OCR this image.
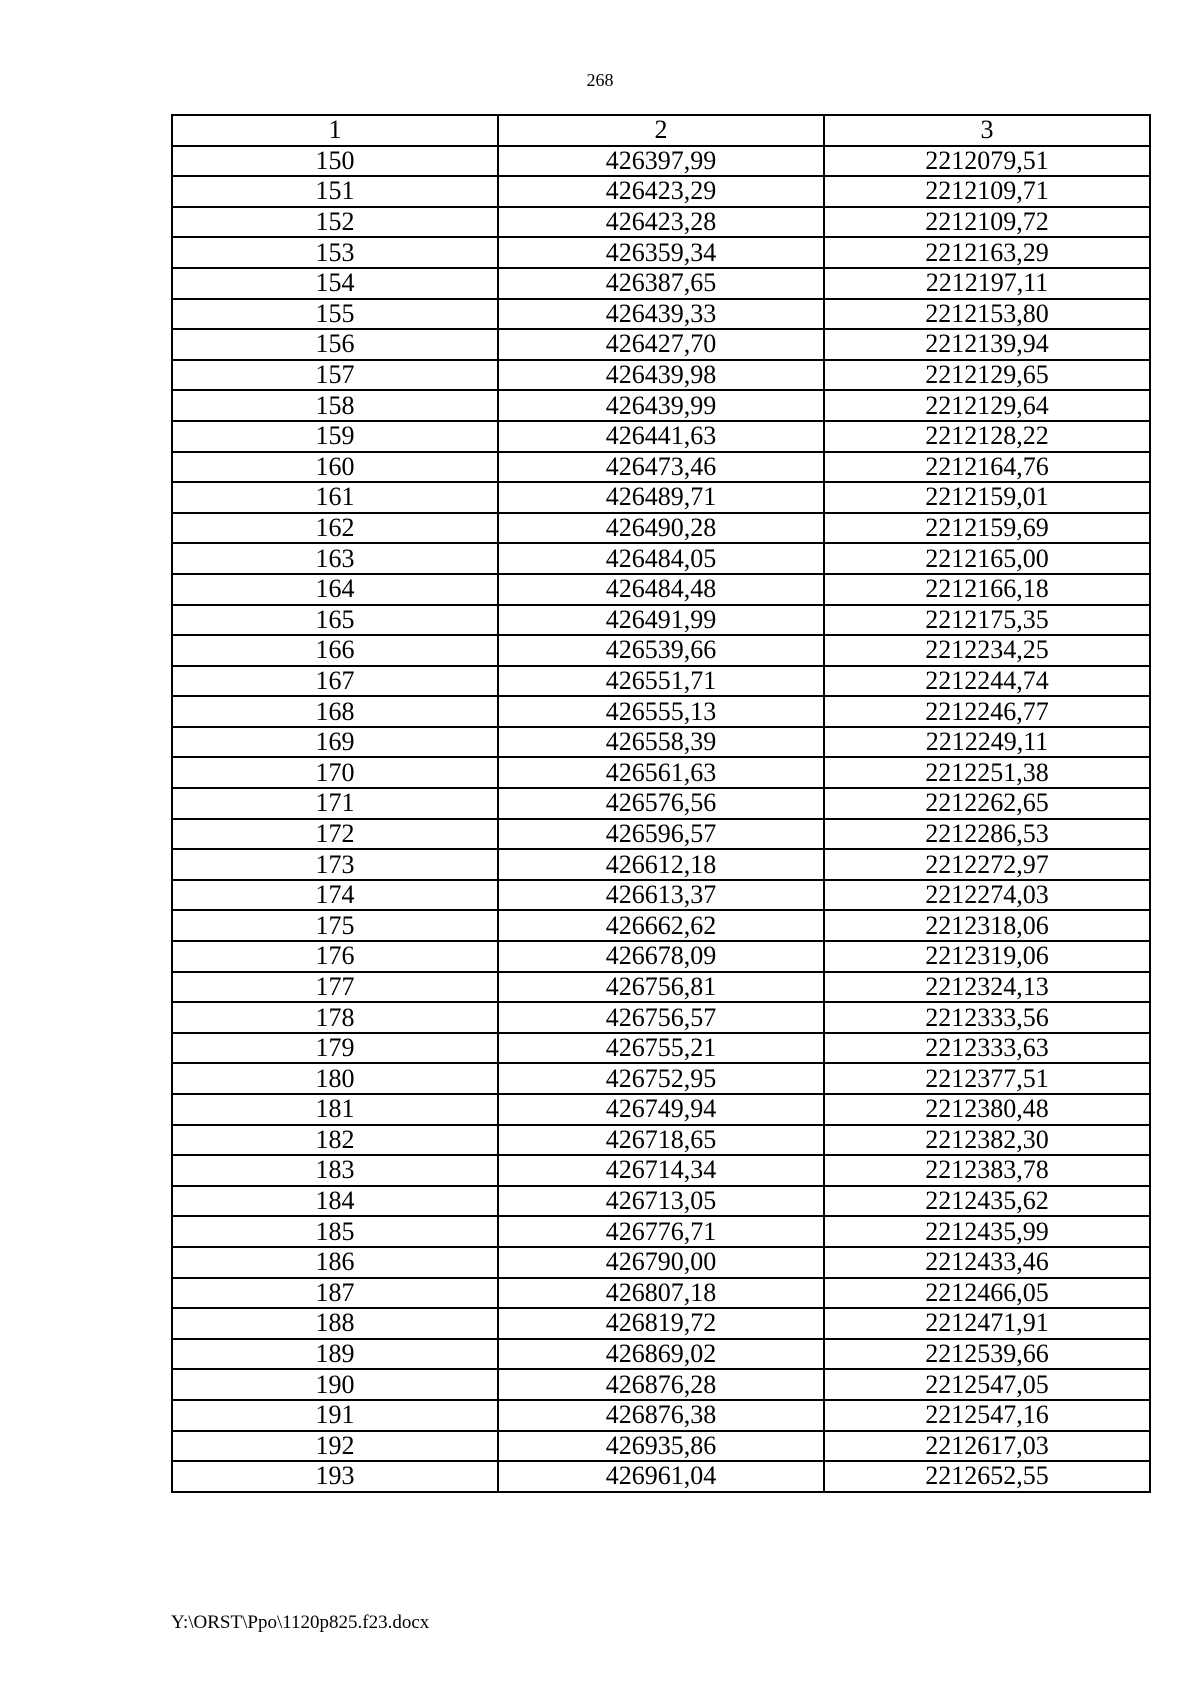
268
1	2	3
150	426397,99	2212079,51
151	426423,29	2212109,71
152	426423,28	2212109,72
153	426359,34	2212163,29
154	426387,65	2212197,11
155	426439,33	2212153,80
156	426427,70	2212139,94
157	426439,98	2212129,65
158	426439,99	2212129,64
159	426441,63	2212128,22
160	426473,46	2212164,76
161	426489,71	2212159,01
162	426490,28	2212159,69
163	426484,05	2212165,00
164	426484,48	2212166,18
165	426491,99	2212175,35
166	426539,66	2212234,25
167	426551,71	2212244,74
168	426555,13	2212246,77
169	426558,39	2212249,11
170	426561,63	2212251,38
171	426576,56	2212262,65
172	426596,57	2212286,53
173	426612,18	2212272,97
174	426613,37	2212274,03
175	426662,62	2212318,06
176	426678,09	2212319,06
177	426756,81	2212324,13
178	426756,57	2212333,56
179	426755,21	2212333,63
180	426752,95	2212377,51
181	426749,94	2212380,48
182	426718,65	2212382,30
183	426714,34	2212383,78
184	426713,05	2212435,62
185	426776,71	2212435,99
186	426790,00	2212433,46
187	426807,18	2212466,05
188	426819,72	2212471,91
189	426869,02	2212539,66
190	426876,28	2212547,05
191	426876,38	2212547,16
192	426935,86	2212617,03
193	426961,04	2212652,55
Y:\ORST\Ppo\1120p825.f23.docx
